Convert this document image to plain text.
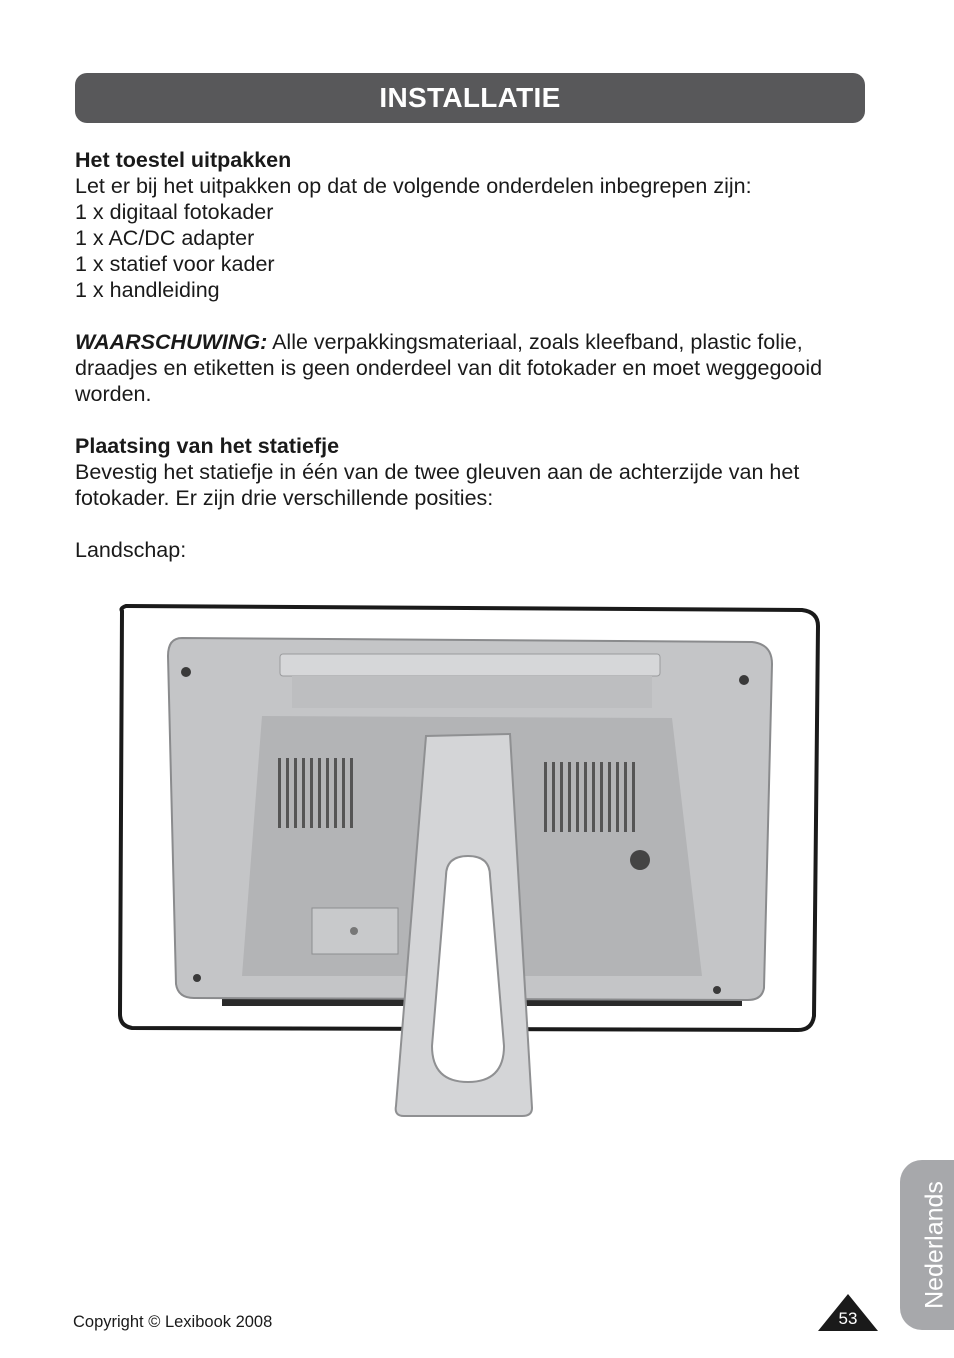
INSTALLATIE

Het toestel uitpakken

Let er bij het uitpakken op dat de volgende onderdelen inbegrepen zijn:

1 x digitaal fotokader

1 x AC/DC adapter

1 x statief voor kader

1 x handleiding

WAARSCHUWING: Alle verpakkingsmateriaal, zoals kleefband, plastic folie, draadjes en etiketten is geen onderdeel van dit fotokader en moet weggegooid worden.

Plaatsing van het statiefje

Bevestig het statiefje in één van de twee gleuven aan de achterzijde van het fotokader. Er zijn drie verschillende posities:

Landschap:

Nederlands
Copyright © Lexibook 2008	53
